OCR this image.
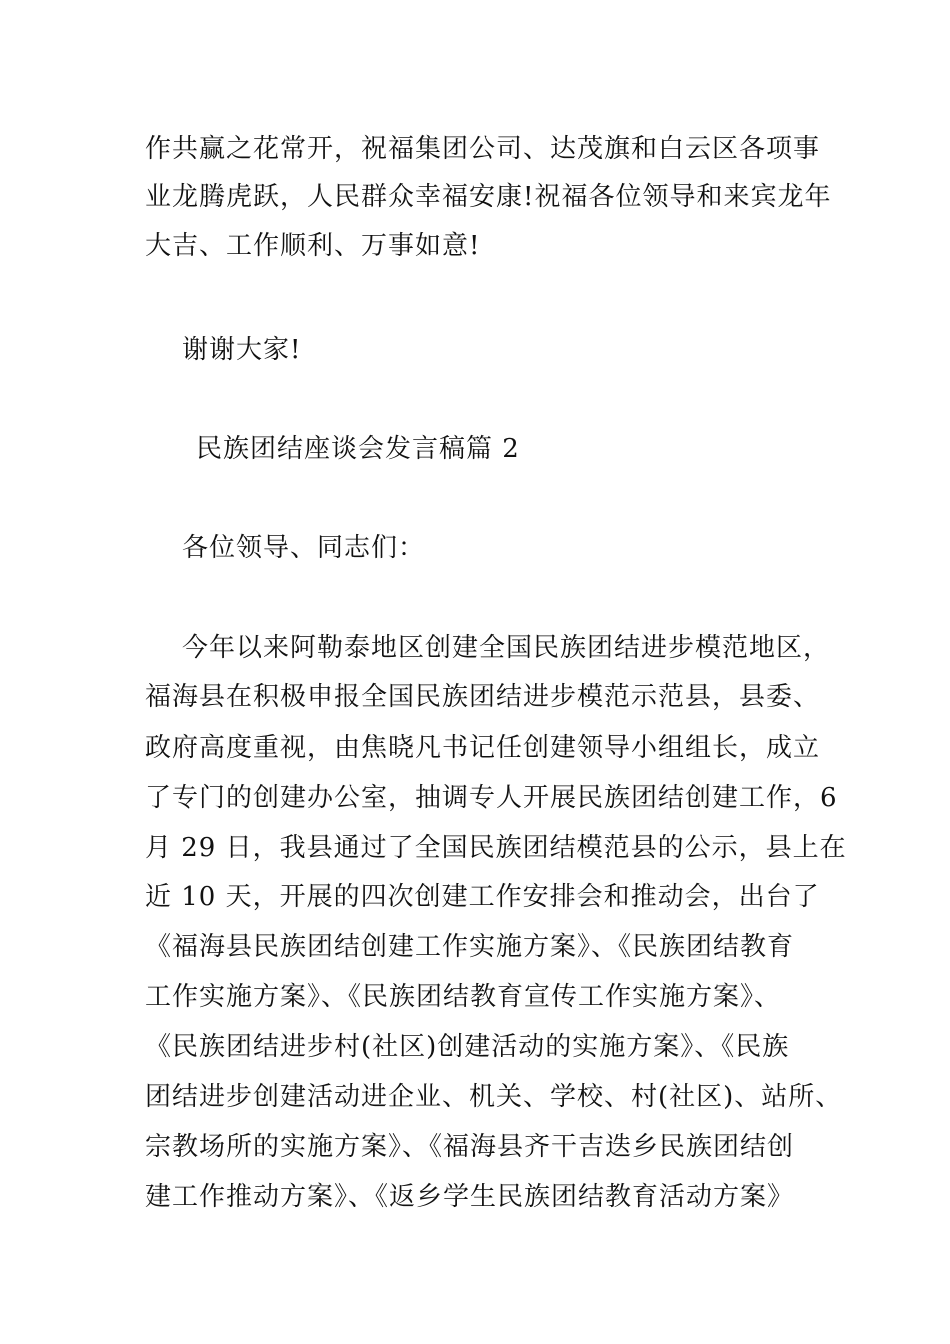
作共赢之花常开，祝福集团公司、达茂旗和白云区各项事
业龙腾虎跃，人民群众幸福安康!祝福各位领导和来宾龙年
大吉、工作顺利、万事如意!
谢谢大家!
民族团结座谈会发言稿篇 2
各位领导、同志们：
今年以来阿勒泰地区创建全国民族团结进步模范地区，
福海县在积极申报全国民族团结进步模范示范县，县委、
政府高度重视，由焦晓凡书记任创建领导小组组长，成立
了专门的创建办公室，抽调专人开展民族团结创建工作，6
月 29 日，我县通过了全国民族团结模范县的公示，县上在
近 10 天，开展的四次创建工作安排会和推动会，出台了
《福海县民族团结创建工作实施方案》、《民族团结教育
工作实施方案》、《民族团结教育宣传工作实施方案》、
《民族团结进步村(社区)创建活动的实施方案》、《民族
团结进步创建活动进企业、机关、学校、村(社区)、站所、
宗教场所的实施方案》、《福海县齐干吉迭乡民族团结创
建工作推动方案》、《返乡学生民族团结教育活动方案》
